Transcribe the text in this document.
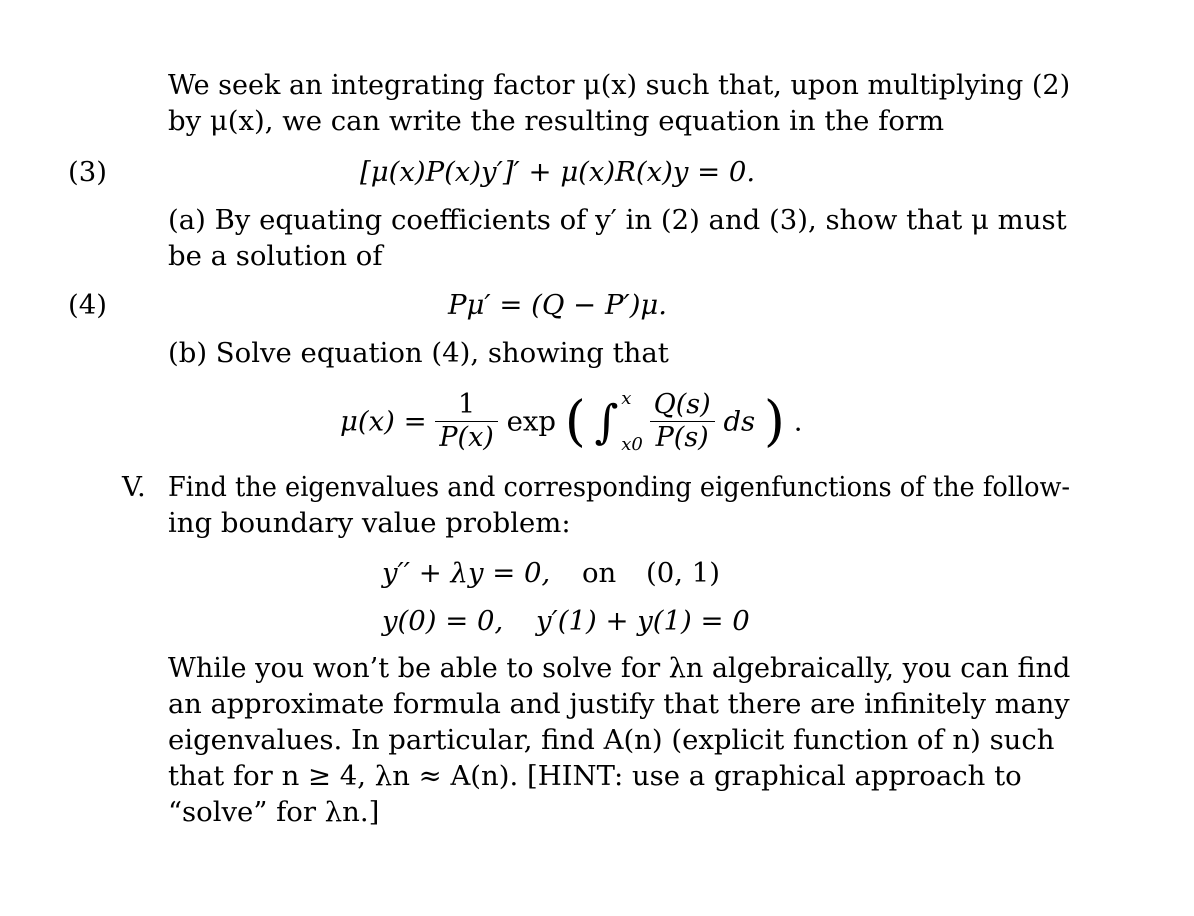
We seek an integrating factor μ(x) such that, upon multiplying (2)
by μ(x), we can write the resulting equation in the form
(3)	[μ(x)P(x)y′]′ + μ(x)R(x)y = 0.
(a) By equating coefficients of y′ in (2) and (3), show that μ must
be a solution of
(4)	Pμ′ = (Q − P′)μ.
(b) Solve equation (4), showing that
$\mu(x) = \frac{1}{P(x)}$ exp ( ∫ x
x0
$\frac{Q(s)}{P(s)}$ ds ) .
V. Find the eigenvalues and corresponding eigenfunctions of the follow-
ing boundary value problem:
y′′ + λy = 0, on (0, 1)
y(0) = 0, y′(1) + y(1) = 0
While you won’t be able to solve for λn algebraically, you can find
an approximate formula and justify that there are infinitely many
eigenvalues. In particular, find A(n) (explicit function of n) such
that for n ≥ 4, λn ≈ A(n). [HINT: use a graphical approach to
“solve” for λn.]
